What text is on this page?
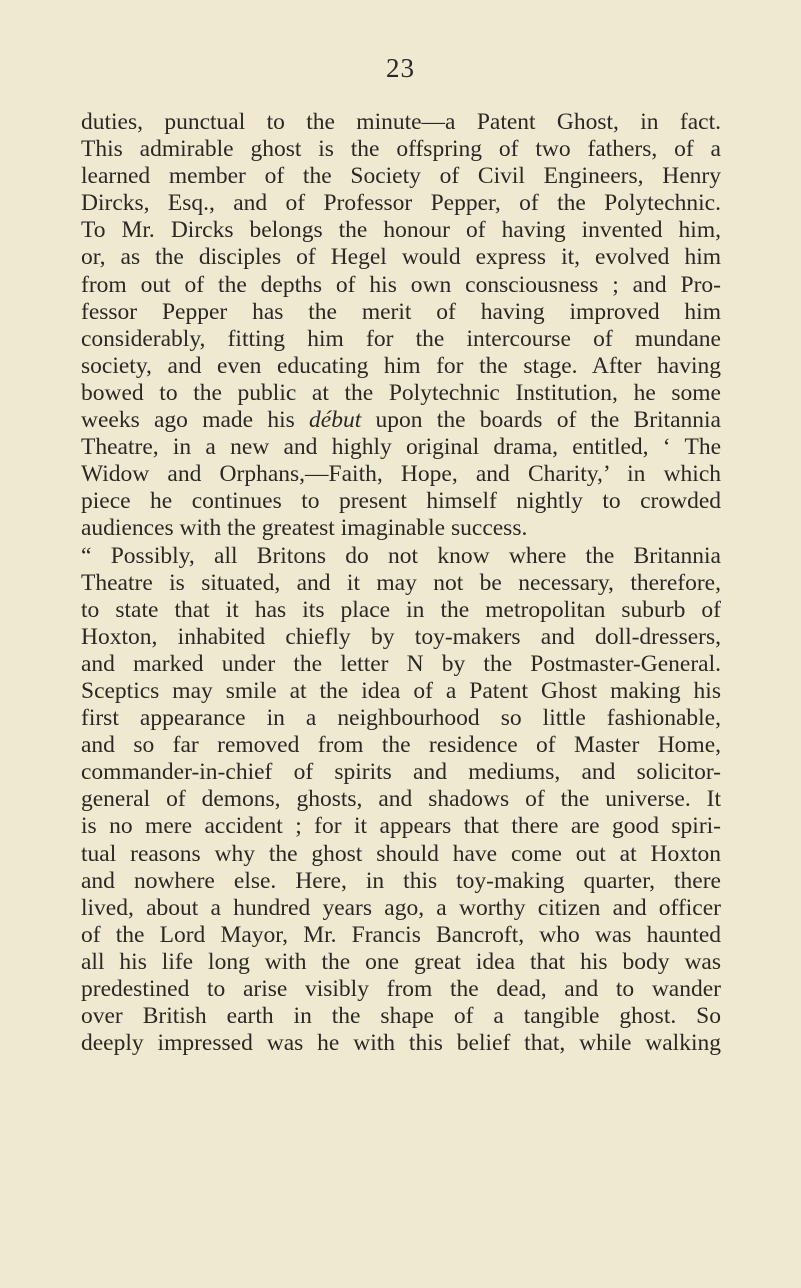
23
duties, punctual to the minute—a Patent Ghost, in fact.
This admirable ghost is the offspring of two fathers, of a
learned member of the Society of Civil Engineers, Henry
Dircks, Esq., and of Professor Pepper, of the Polytechnic.
To Mr. Dircks belongs the honour of having invented him,
or, as the disciples of Hegel would express it, evolved him
from out of the depths of his own consciousness ; and Pro-
fessor Pepper has the merit of having improved him
considerably, fitting him for the intercourse of mundane
society, and even educating him for the stage. After having
bowed to the public at the Polytechnic Institution, he some
weeks ago made his début upon the boards of the Britannia
Theatre, in a new and highly original drama, entitled, ‘ The
Widow and Orphans,—Faith, Hope, and Charity,’ in which
piece he continues to present himself nightly to crowded
audiences with the greatest imaginable success.
“ Possibly, all Britons do not know where the Britannia
Theatre is situated, and it may not be necessary, therefore,
to state that it has its place in the metropolitan suburb of
Hoxton, inhabited chiefly by toy-makers and doll-dressers,
and marked under the letter N by the Postmaster-General.
Sceptics may smile at the idea of a Patent Ghost making his
first appearance in a neighbourhood so little fashionable,
and so far removed from the residence of Master Home,
commander-in-chief of spirits and mediums, and solicitor-
general of demons, ghosts, and shadows of the universe. It
is no mere accident ; for it appears that there are good spiri-
tual reasons why the ghost should have come out at Hoxton
and nowhere else. Here, in this toy-making quarter, there
lived, about a hundred years ago, a worthy citizen and officer
of the Lord Mayor, Mr. Francis Bancroft, who was haunted
all his life long with the one great idea that his body was
predestined to arise visibly from the dead, and to wander
over British earth in the shape of a tangible ghost. So
deeply impressed was he with this belief that, while walking
